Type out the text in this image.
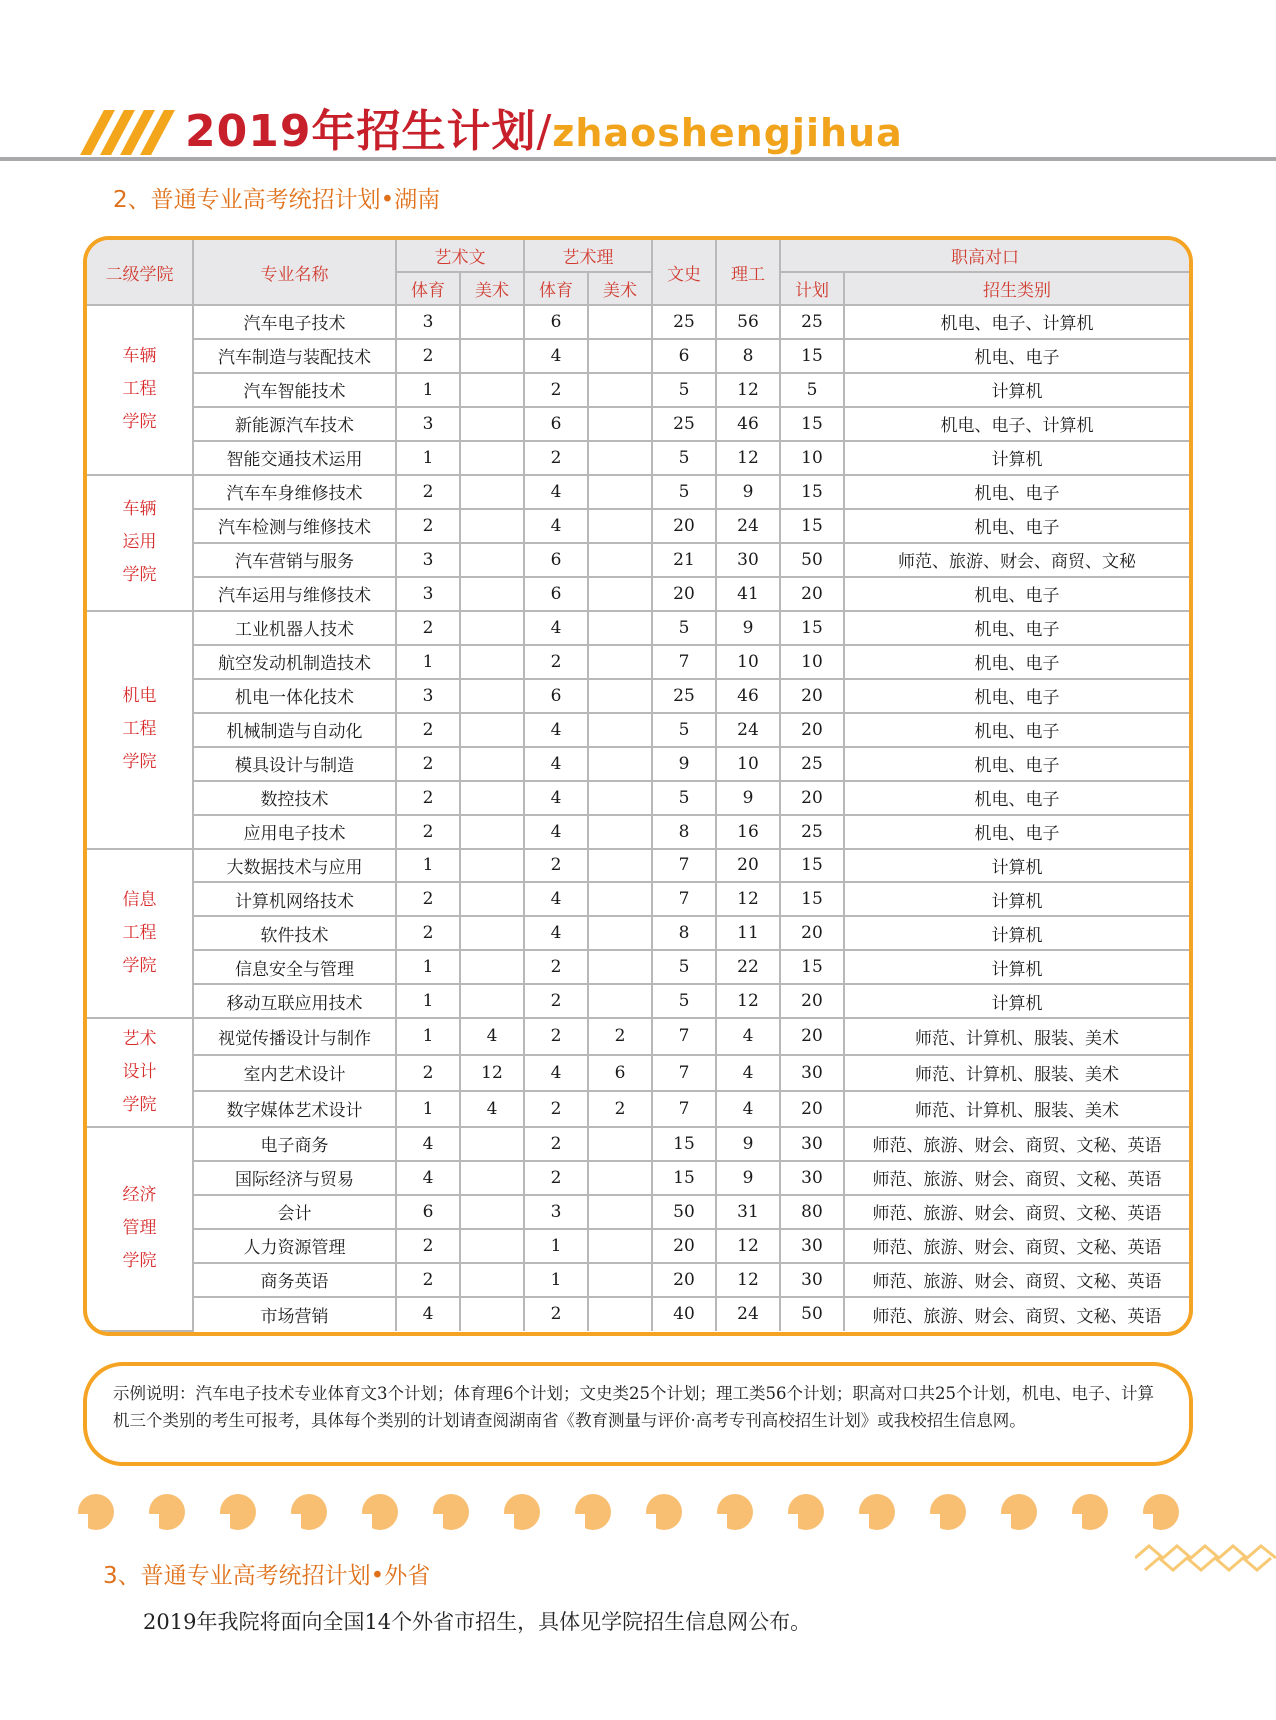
2019年招生计划/zhaoshengjihua
2、普通专业高考统招计划•湖南
二级学院	专业名称	艺术文		艺术理		文史	理工	职高对口	
		体育	美术	体育	美术			计划	招生类别

车辆
工程
学院	汽车电子技术	3		6		25	56	25	机电、电子、计算机
	汽车制造与装配技术	2		4		6	8	15	机电、电子
	汽车智能技术	1		2		5	12	5	计算机
	新能源汽车技术	3		6		25	46	15	机电、电子、计算机
	智能交通技术运用	1		2		5	12	10	计算机

车辆
运用
学院	汽车车身维修技术	2		4		5	9	15	机电、电子
	汽车检测与维修技术	2		4		20	24	15	机电、电子
	汽车营销与服务	3		6		21	30	50	师范、旅游、财会、商贸、文秘
	汽车运用与维修技术	3		6		20	41	20	机电、电子

机电
工程
学院	工业机器人技术	2		4		5	9	15	机电、电子
	航空发动机制造技术	1		2		7	10	10	机电、电子
	机电一体化技术	3		6		25	46	20	机电、电子
	机械制造与自动化	2		4		5	24	20	机电、电子
	模具设计与制造	2		4		9	10	25	机电、电子
	数控技术	2		4		5	9	20	机电、电子
	应用电子技术	2		4		8	16	25	机电、电子

信息
工程
学院	大数据技术与应用	1		2		7	20	15	计算机
	计算机网络技术	2		4		7	12	15	计算机
	软件技术	2		4		8	11	20	计算机
	信息安全与管理	1		2		5	22	15	计算机
	移动互联应用技术	1		2		5	12	20	计算机

艺术
设计
学院	视觉传播设计与制作	1	4	2	2	7	4	20	师范、计算机、服装、美术
	室内艺术设计	2	12	4	6	7	4	30	师范、计算机、服装、美术
	数字媒体艺术设计	1	4	2	2	7	4	20	师范、计算机、服装、美术

经济
管理
学院	电子商务	4		2		15	9	30	师范、旅游、财会、商贸、文秘、英语
	国际经济与贸易	4		2		15	9	30	师范、旅游、财会、商贸、文秘、英语
	会计	6		3		50	31	80	师范、旅游、财会、商贸、文秘、英语
	人力资源管理	2		1		20	12	30	师范、旅游、财会、商贸、文秘、英语
	商务英语	2		1		20	12	30	师范、旅游、财会、商贸、文秘、英语
	市场营销	4		2		40	24	50	师范、旅游、财会、商贸、文秘、英语
示例说明：汽车电子技术专业体育文3个计划；体育理6个计划；文史类25个计划；理工类56个计划；职高对口共25个计划，机电、电子、计算机三个类别的考生可报考，具体每个类别的计划请查阅湖南省《教育测量与评价·高考专刊高校招生计划》或我校招生信息网。
3、普通专业高考统招计划•外省
2019年我院将面向全国14个外省市招生，具体见学院招生信息网公布。
